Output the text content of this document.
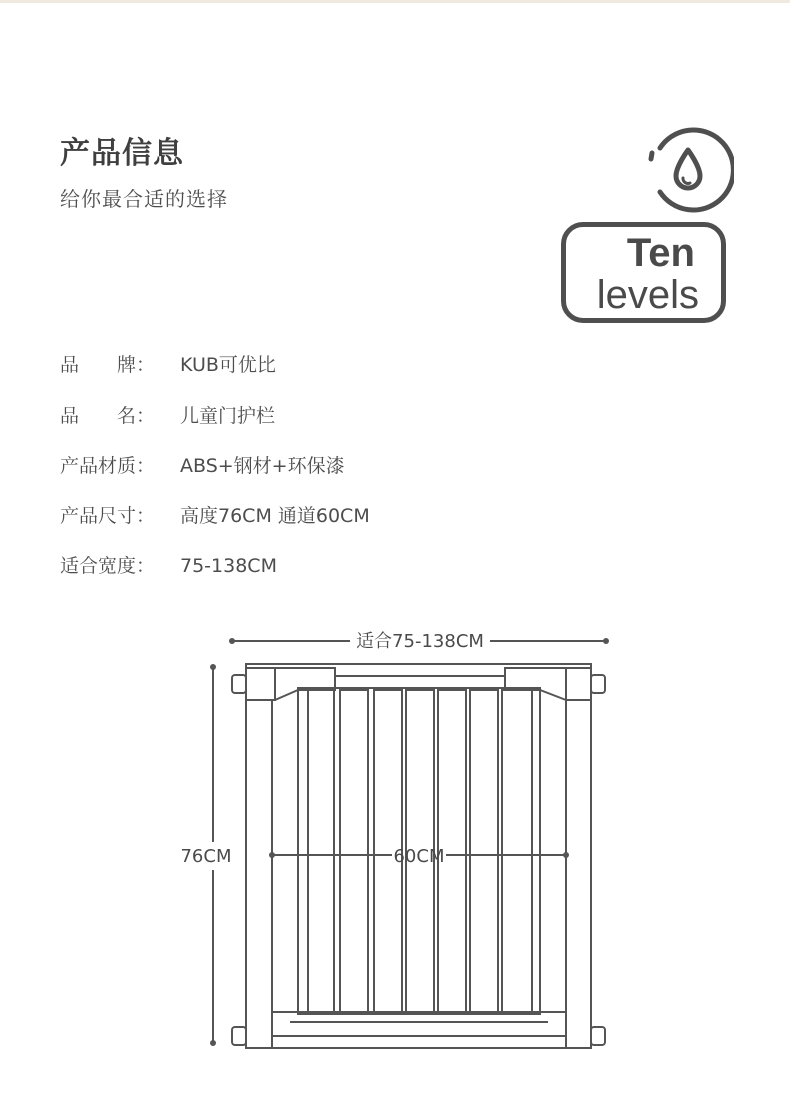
产品信息
给你最合适的选择
Ten
levels
品　　牌： KUB可优比
品　　名： 儿童门护栏
产品材质： ABS+钢材+环保漆
产品尺寸： 高度76CM 通道60CM
适合宽度： 75-138CM
适合75-138CM
76CM	60CM
